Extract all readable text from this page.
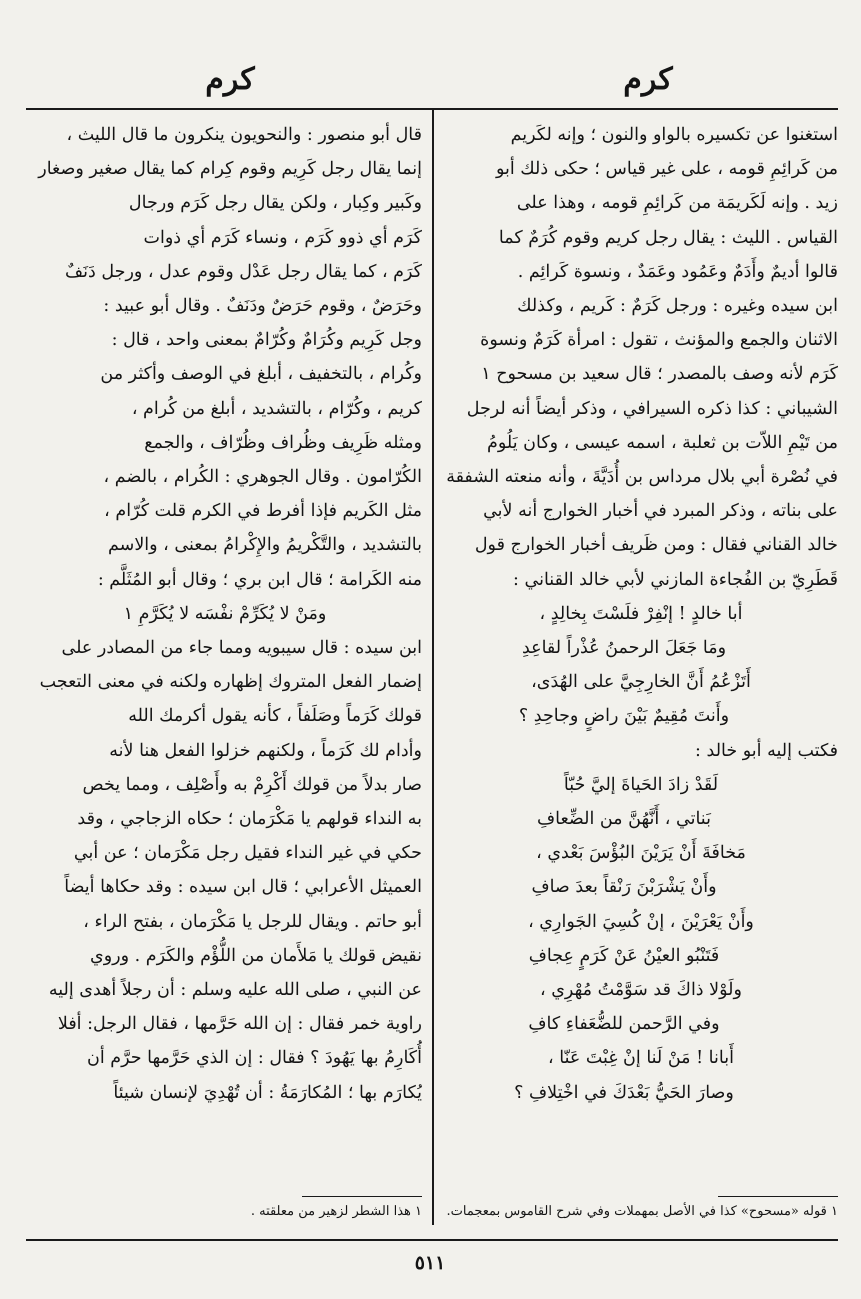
كرم
كرم

استغنوا عن تكسيره بالواو والنون ؛ وإنه لكَريم

من كَرائِمِ قومه ، على غير قياس ؛ حكى ذلك أبو

زيد . وإنه لَكَريمَة من كَرائِمِ قومه ، وهذا على

القياس . الليث : يقال رجل كريم وقوم كُرَمٌ كما

قالوا أديمٌ وأَدَمٌ وعَمُود وعَمَدٌ ، ونسوة كَرائِم .

ابن سيده وغيره : ورجل كَرَمٌ : كَريم ، وكذلك

الاثنان والجمع والمؤنث ، تقول : امرأة كَرَمٌ ونسوة

كَرَم لأنه وصف بالمصدر ؛ قال سعيد بن مسحوح ١

الشيباني : كذا ذكره السيرافي ، وذكر أيضاً أنه لرجل

من تَيْمِ اللاّت بن ثعلبة ، اسمه عيسى ، وكان يَلُومُ

في نُصْرة أبي بلال مرداس بن أُدَيَّةَ ، وأنه منعته الشفقة

على بناته ، وذكر المبرد في أخبار الخوارج أنه لأبي

خالد القناني فقال : ومن ظَريف أخبار الخوارج قول

قَطَرِيّ بن الفُجاءة المازني لأبي خالد القناني :

أبا خالدٍ ! إنْفِرْ فلَسْتَ بِخالِدٍ ،

ومَا جَعَلَ الرحمنُ عُذْراً لقاعِدِ

أَتَزْعُمُ أَنَّ الخارِجِيَّ على الهُدَى،

وأَنتَ مُقِيمٌ بَيْنَ راضٍ وجاحِدِ ؟

فكتب إليه أبو خالد :

لَقَدْ زادَ الحَياةَ إليَّ حُبّاً

بَناتي ، أَنَّهُنَّ من الضِّعافِ

مَخافَةَ أَنْ يَرَيْنَ البُؤْسَ بَعْدي ،

وأَنْ يَشْرَبْنَ رَنْقاً بعدَ صافِ

وأَنْ يَعْرَيْنَ ، إنْ كُسِيَ الجَوارِي ،

فَتَنْبُو العيْنُ عَنْ كَرَمٍ عِجافِ

ولَوْلا ذاكَ قد سَوَّمْتُ مُهْرِي ،

وفي الرَّحمن للضُّعَفاءِ كافِ

أَبانا ! مَنْ لَنا إنْ غِبْتَ عَنّا ،

وصارَ الحَيُّ بَعْدَكَ في اخْتِلافِ ؟

قال أبو منصور : والنحويون ينكرون ما قال الليث ،

إنما يقال رجل كَرِيم وقوم كِرام كما يقال صغير وصغار

وكَبير وكِبار ، ولكن يقال رجل كَرَم ورجال

كَرَم أي ذوو كَرَم ، ونساء كَرَم أي ذوات

كَرَم ، كما يقال رجل عَدْل وقوم عدل ، ورجل دَنَفٌ

وحَرَضٌ ، وقوم حَرَضٌ ودَنَفٌ . وقال أبو عبيد :

وجل كَرِيم وكُرَامٌ وكُرّامٌ بمعنى واحد ، قال :

وكُرام ، بالتخفيف ، أبلغ في الوصف وأكثر من

كريم ، وكُرّام ، بالتشديد ، أبلغ من كُرام ،

ومثله ظَرِيف وظُراف وظُرّاف ، والجمع

الكُرّامون . وقال الجوهري : الكُرام ، بالضم ،

مثل الكَريم فإذا أفرط في الكرم قلت كُرّام ،

بالتشديد ، والتَّكْريمُ والإِكْرامُ بمعنى ، والاسم

منه الكَرامة ؛ قال ابن بري ؛ وقال أبو المُثَلَّم :

ومَنْ لا يُكَرِّمْ نفْسَه لا يُكَرَّمِ ١

ابن سيده : قال سيبويه ومما جاء من المصادر على

إضمار الفعل المتروك إظهاره ولكنه في معنى التعجب

قولك كَرَماً وصَلَفاً ، كأنه يقول أكرمك الله

وأدام لك كَرَماً ، ولكنهم خزلوا الفعل هنا لأنه

صار بدلاً من قولك أَكْرِمْ به وأَصْلِف ، ومما يخص

به النداء قولهم يا مَكْرَمان ؛ حكاه الزجاجي ، وقد

حكي في غير النداء فقيل رجل مَكْرَمان ؛ عن أبي

العميثل الأعرابي ؛ قال ابن سيده : وقد حكاها أيضاً

أبو حاتم . ويقال للرجل يا مَكْرَمان ، بفتح الراء ،

نقيض قولك يا مَلأَمان من اللُّؤْم والكَرَم . وروي

عن النبي ، صلى الله عليه وسلم : أن رجلاً أهدى إليه

راوية خمر فقال : إن الله حَرَّمها ، فقال الرجل: أفلا

أُكَارِمُ بها يَهُودَ ؟ فقال : إن الذي حَرَّمها حرَّم أن

يُكارَم بها ؛ المُكارَمَةُ : أن تُهْدِيَ لإنسان شيئاً

١ قوله «مسحوح» كذا في الأصل بمهملات وفي شرح القاموس بمعجمات.
١ هذا الشطر لزهير من معلقته .
٥١١
